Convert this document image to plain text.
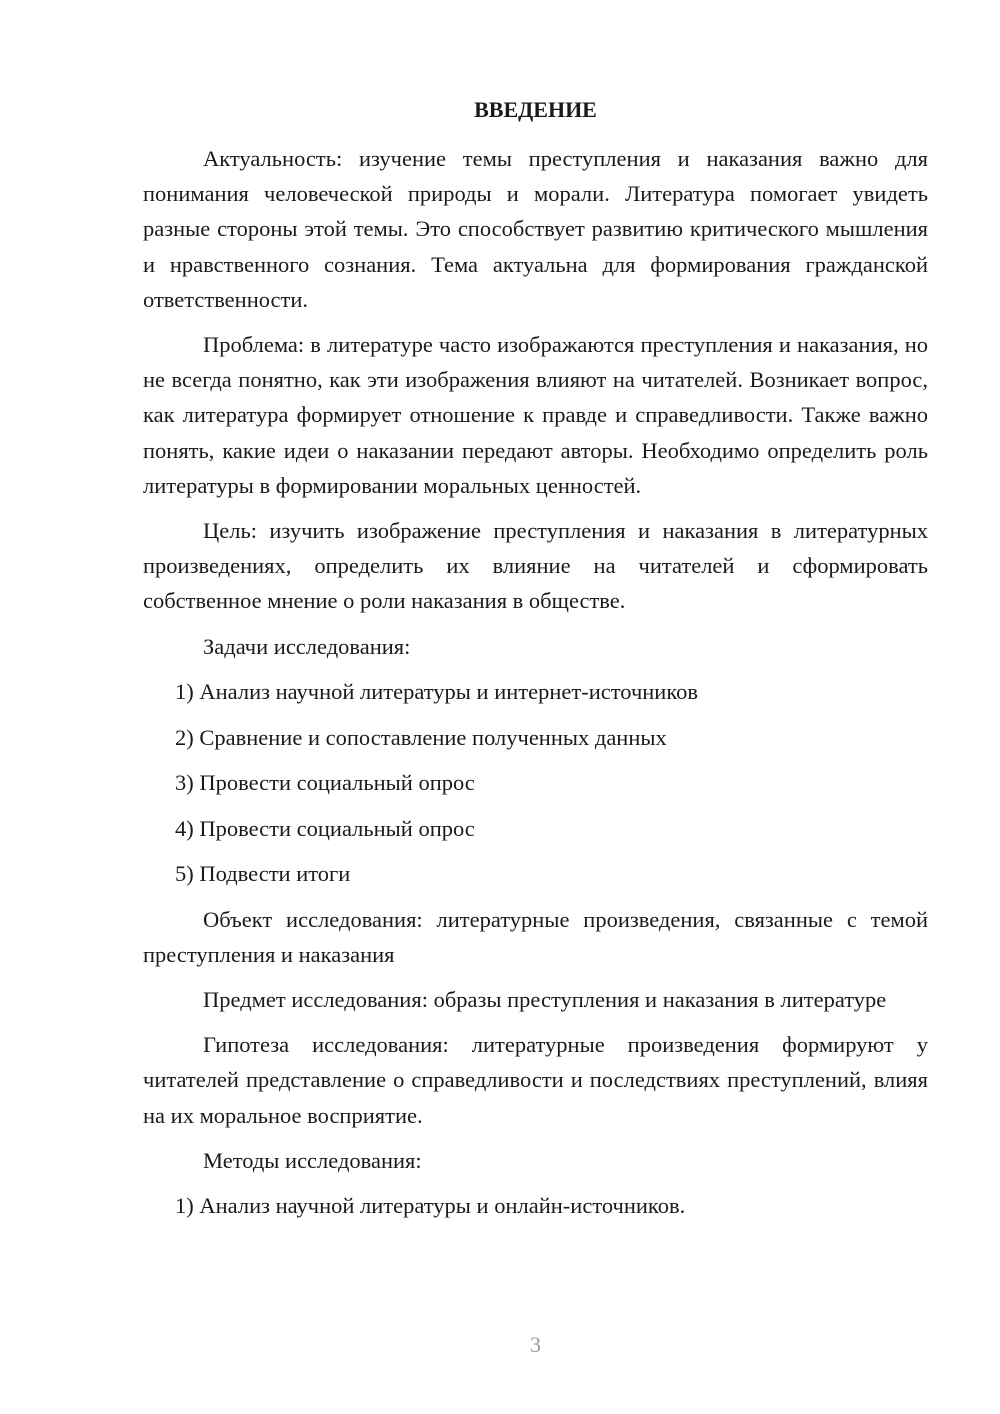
ВВЕДЕНИЕ

Актуальность: изучение темы преступления и наказания важно для понимания человеческой природы и морали. Литература помогает увидеть разные стороны этой темы. Это способствует развитию критического мышления и нравственного сознания. Тема актуальна для формирования гражданской ответственности.

Проблема: в литературе часто изображаются преступления и наказания, но не всегда понятно, как эти изображения влияют на читателей. Возникает вопрос, как литература формирует отношение к правде и справедливости. Также важно понять, какие идеи о наказании передают авторы. Необходимо определить роль литературы в формировании моральных ценностей.

Цель: изучить изображение преступления и наказания в литературных произведениях, определить их влияние на читателей и сформировать собственное мнение о роли наказания в обществе.

Задачи исследования:
1) Анализ научной литературы и интернет-источников
2) Сравнение и сопоставление полученных данных
3) Провести социальный опрос
4) Провести социальный опрос
5) Подвести итоги

Объект исследования: литературные произведения, связанные с темой преступления и наказания

Предмет исследования: образы преступления и наказания в литературе

Гипотеза исследования: литературные произведения формируют у читателей представление о справедливости и последствиях преступлений, влияя на их моральное восприятие.

Методы исследования:
1) Анализ научной литературы и онлайн-источников.
3
